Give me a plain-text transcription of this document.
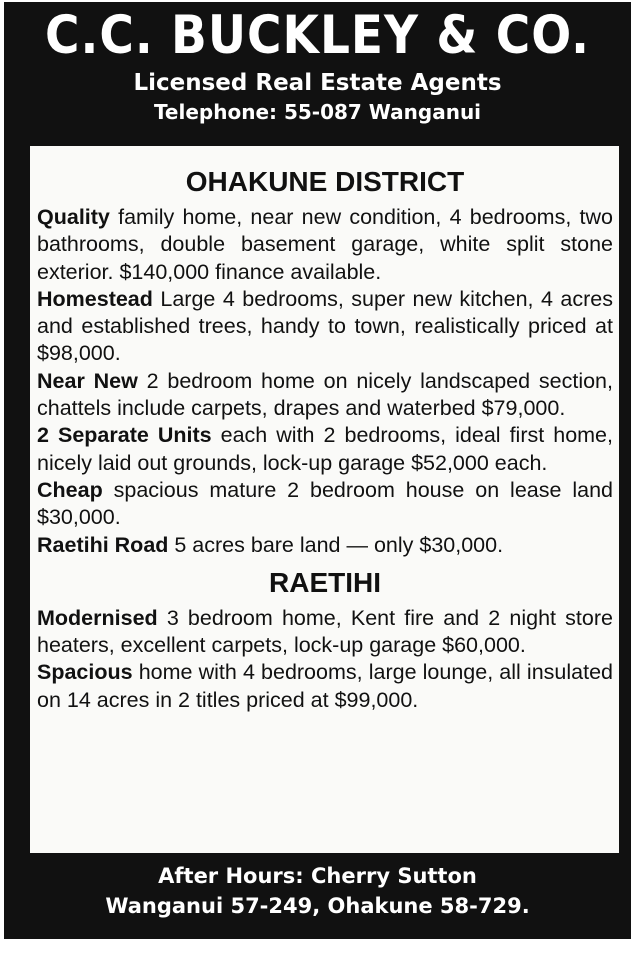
C.C. BUCKLEY & CO.
Licensed Real Estate Agents
Telephone: 55-087 Wanganui
OHAKUNE DISTRICT

Quality family home, near new condition, 4 bedrooms, two bathrooms, double basement garage, white split stone exterior. $140,000 finance available.

Homestead Large 4 bedrooms, super new kitchen, 4 acres and established trees, handy to town, realistically priced at $98,000.

Near New 2 bedroom home on nicely landscaped section, chattels include carpets, drapes and waterbed $79,000.

2 Separate Units each with 2 bedrooms, ideal first home, nicely laid out grounds, lock-up garage $52,000 each.

Cheap spacious mature 2 bedroom house on lease land $30,000.

Raetihi Road 5 acres bare land — only $30,000.

RAETIHI

Modernised 3 bedroom home, Kent fire and 2 night store heaters, excellent carpets, lock-up garage $60,000.

Spacious home with 4 bedrooms, large lounge, all insulated on 14 acres in 2 titles priced at $99,000.

After Hours: Cherry Sutton
Wanganui 57-249, Ohakune 58-729.
